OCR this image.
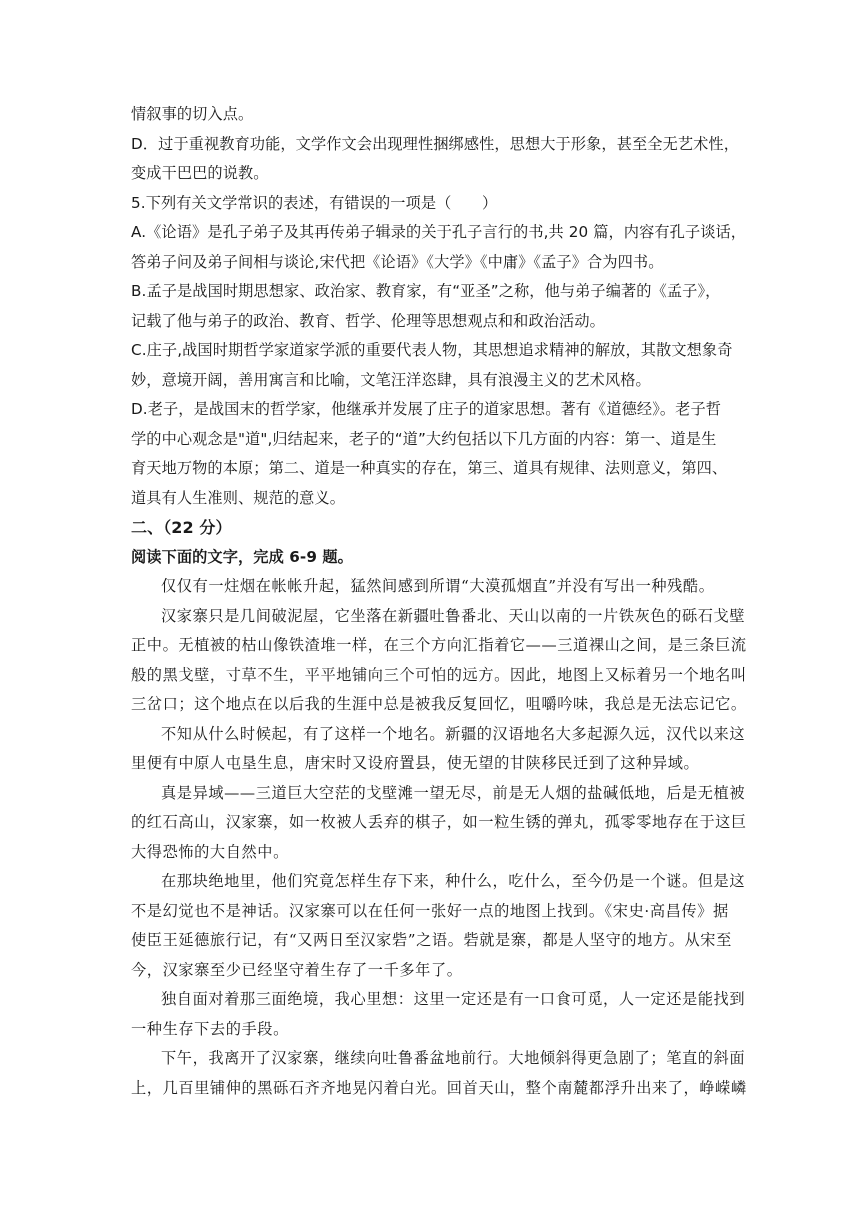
情叙事的切入点。

D．过于重视教育功能，文学作文会出现理性捆绑感性，思想大于形象，甚至全无艺术性，

变成干巴巴的说教。

5.下列有关文学常识的表述，有错误的一项是（　　）

A.《论语》是孔子弟子及其再传弟子辑录的关于孔子言行的书,共 20 篇，内容有孔子谈话，

答弟子问及弟子间相与谈论,宋代把《论语》《大学》《中庸》《孟子》合为四书。

B.孟子是战国时期思想家、政治家、教育家，有“亚圣”之称，他与弟子编著的《孟子》，

记载了他与弟子的政治、教育、哲学、伦理等思想观点和和政治活动。

C.庄子,战国时期哲学家道家学派的重要代表人物，其思想追求精神的解放，其散文想象奇

妙，意境开阔，善用寓言和比喻，文笔汪洋恣肆，具有浪漫主义的艺术风格。

D.老子，是战国末的哲学家，他继承并发展了庄子的道家思想。著有《道德经》。老子哲

学的中心观念是"道",归结起来，老子的“道”大约包括以下几方面的内容：第一、道是生

育天地万物的本原；第二、道是一种真实的存在，第三、道具有规律、法则意义，第四、

道具有人生准则、规范的意义。

二、（22 分）

阅读下面的文字，完成 6-9 题。

仅仅有一炷烟在帐帐升起，猛然间感到所谓“大漠孤烟直”并没有写出一种残酷。

汉家寨只是几间破泥屋，它坐落在新疆吐鲁番北、天山以南的一片铁灰色的砾石戈壁

正中。无植被的枯山像铁渣堆一样，在三个方向汇指着它——三道裸山之间，是三条巨流

般的黑戈壁，寸草不生，平平地铺向三个可怕的远方。因此，地图上又标着另一个地名叫

三岔口；这个地点在以后我的生涯中总是被我反复回忆，咀嚼吟味，我总是无法忘记它。

不知从什么时候起，有了这样一个地名。新疆的汉语地名大多起源久远，汉代以来这

里便有中原人屯垦生息，唐宋时又设府置县，使无望的甘陕移民迁到了这种异域。

真是异域——三道巨大空茫的戈壁滩一望无尽，前是无人烟的盐碱低地，后是无植被

的红石高山，汉家寨，如一枚被人丢弃的棋子，如一粒生锈的弹丸，孤零零地存在于这巨

大得恐怖的大自然中。

在那块绝地里，他们究竟怎样生存下来，种什么，吃什么，至今仍是一个谜。但是这

不是幻觉也不是神话。汉家寨可以在任何一张好一点的地图上找到。《宋史·高昌传》据

使臣王延德旅行记，有“又两日至汉家砦”之语。砦就是寨，都是人坚守的地方。从宋至

今，汉家寨至少已经坚守着生存了一千多年了。

独自面对着那三面绝境，我心里想：这里一定还是有一口食可觅，人一定还是能找到

一种生存下去的手段。

下午，我离开了汉家寨，继续向吐鲁番盆地前行。大地倾斜得更急剧了；笔直的斜面

上，几百里铺伸的黑砾石齐齐地晃闪着白光。回首天山，整个南麓都浮升出来了，峥嵘嶙
